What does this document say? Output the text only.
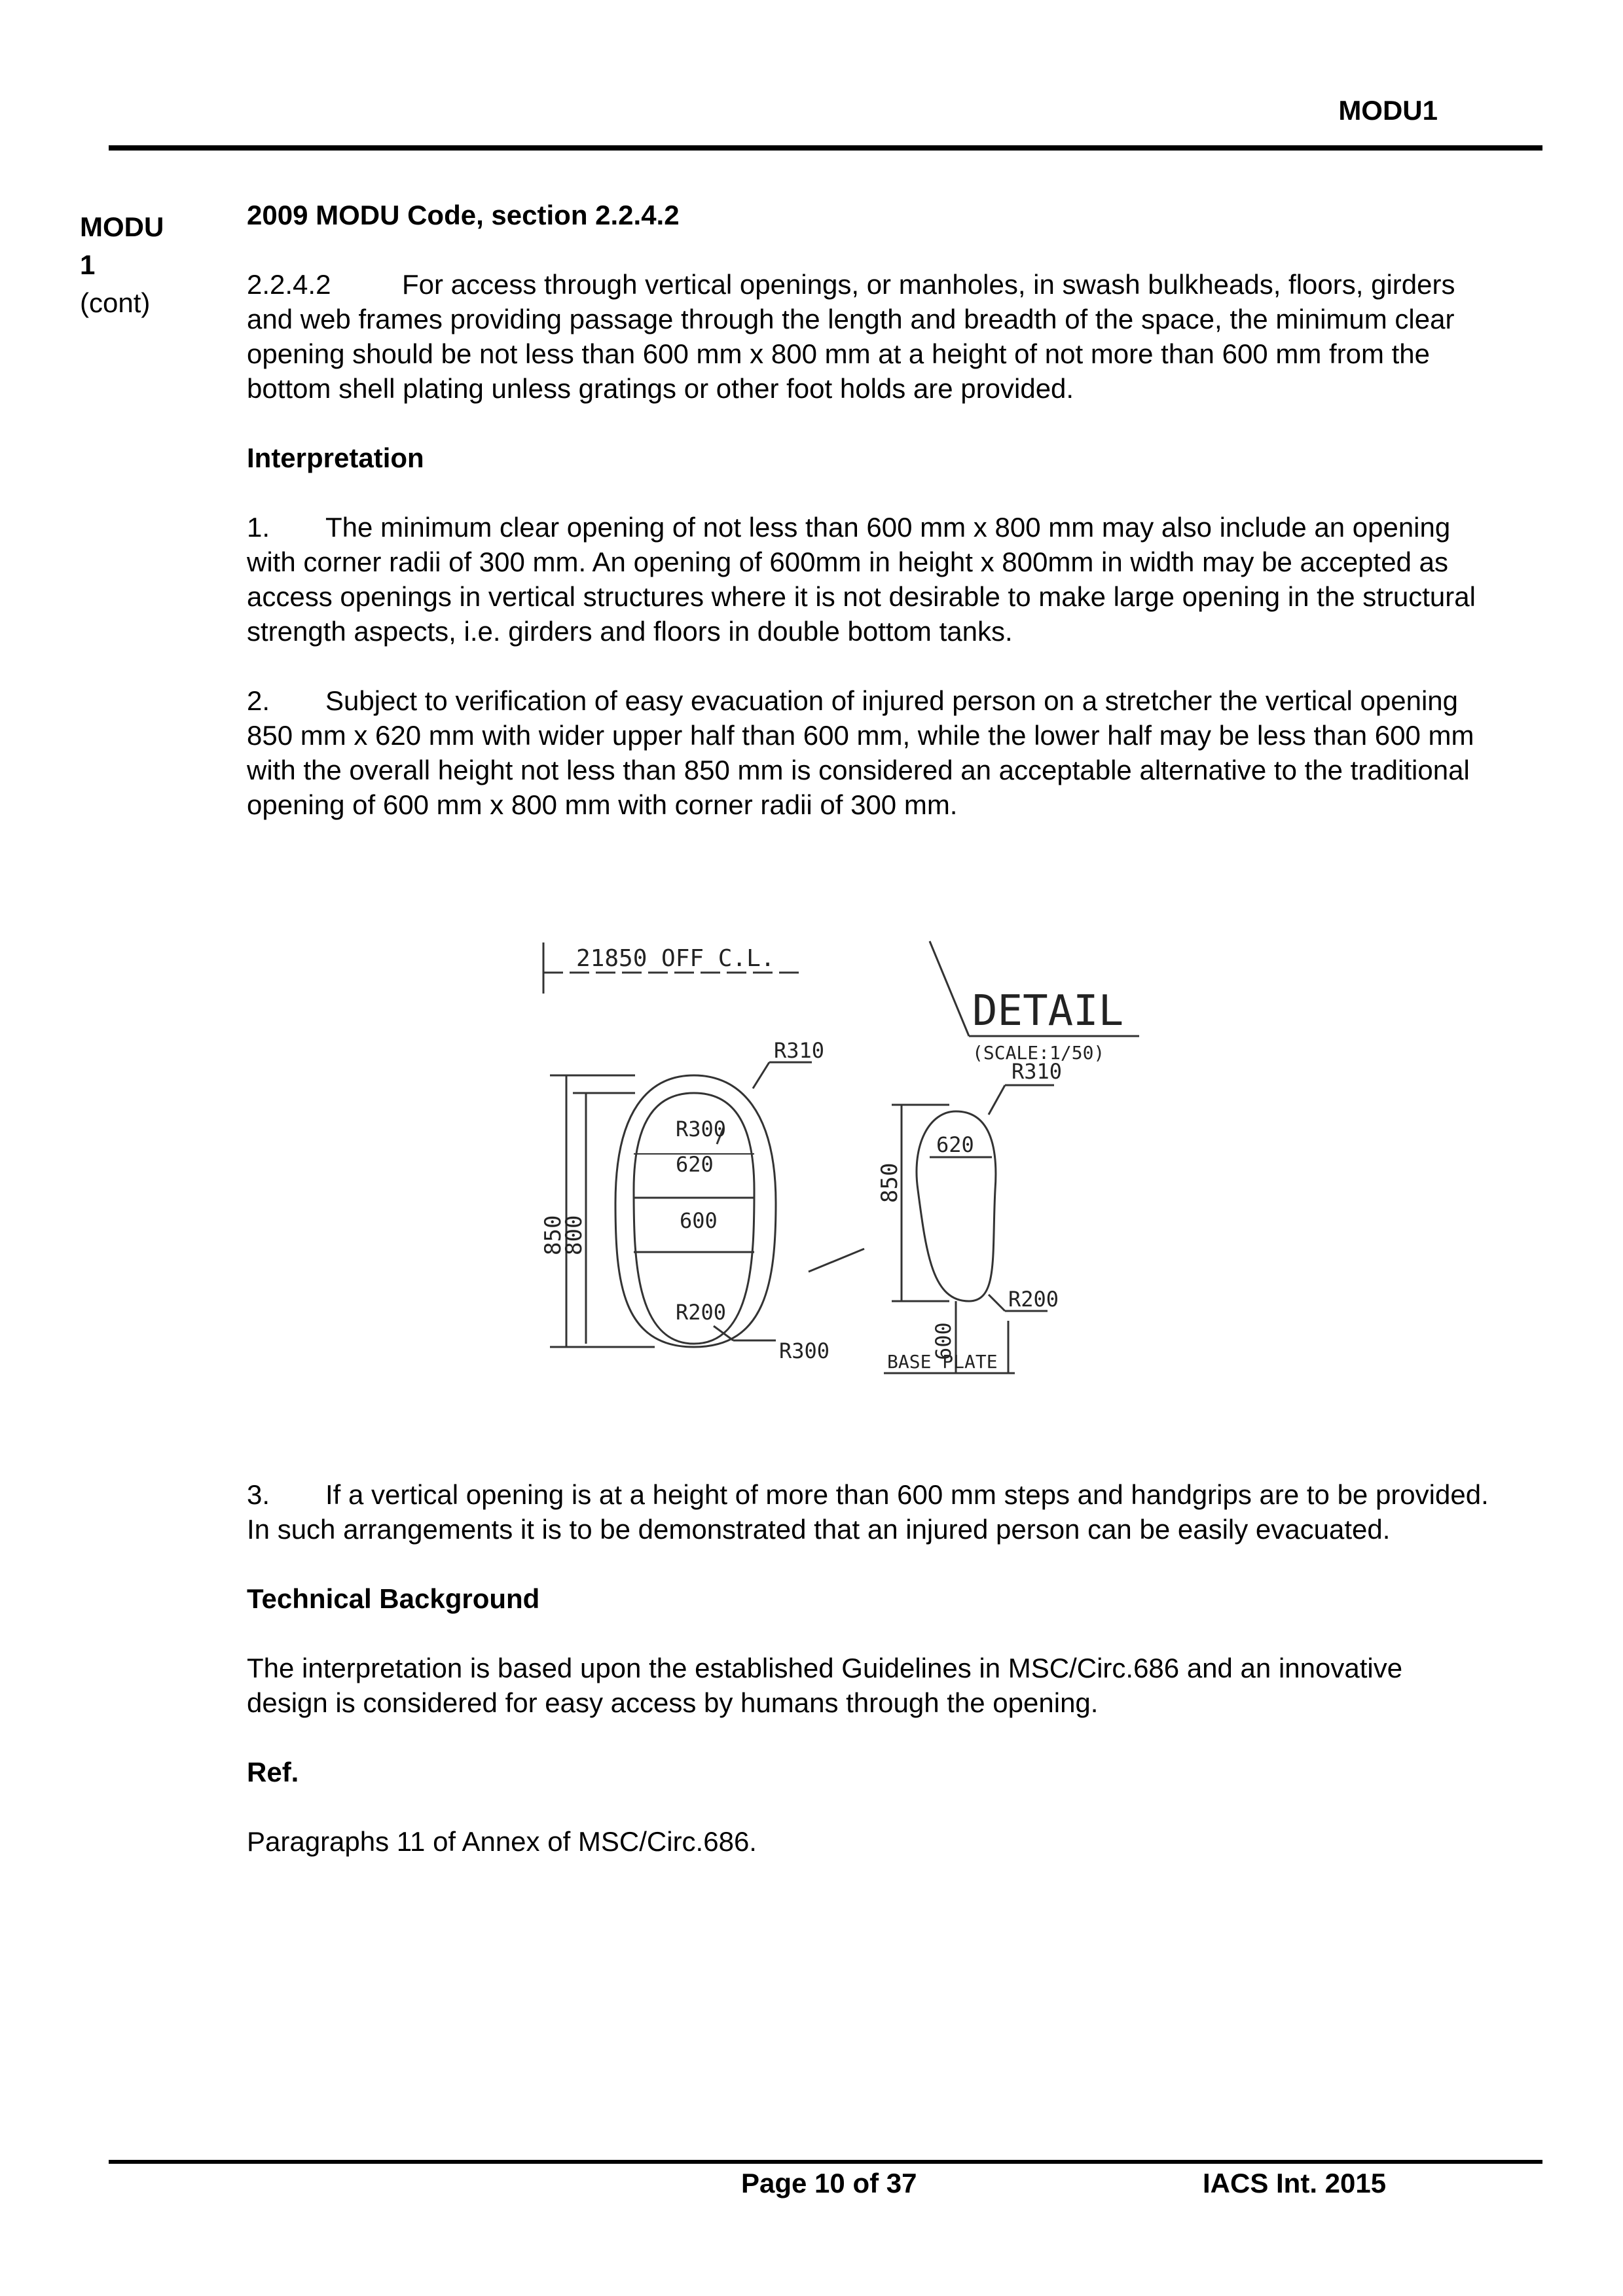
MODU1
MODU
1
(cont)

2009 MODU Code, section 2.2.4.2

2.2.4.2	For access through vertical openings, or manholes, in swash bulkheads, floors, girders and web frames providing passage through the length and breadth of the space, the minimum clear opening should be not less than 600 mm x 800 mm at a height of not more than 600 mm from the bottom shell plating unless gratings or other foot holds are provided.

Interpretation

1. The minimum clear opening of not less than 600 mm x 800 mm may also include an opening with corner radii of 300 mm. An opening of 600mm in height x 800mm in width may be accepted as access openings in vertical structures where it is not desirable to make large opening in the structural strength aspects, i.e. girders and floors in double bottom tanks.

2. Subject to verification of easy evacuation of injured person on a stretcher the vertical opening 850 mm x 620 mm with wider upper half than 600 mm, while the lower half may be less than 600 mm with the overall height not less than 850 mm is considered an acceptable alternative to the traditional opening of 600 mm x 800 mm with corner radii of 300 mm.

21850 OFF C.L.
DETAIL
(SCALE:1/50)
R310
R300
620
600
R200
R300
850
800
850
620
R310
R200
600
BASE PLATE

3. If a vertical opening is at a height of more than 600 mm steps and handgrips are to be provided. In such arrangements it is to be demonstrated that an injured person can be easily evacuated.

Technical Background

The interpretation is based upon the established Guidelines in MSC/Circ.686 and an innovative design is considered for easy access by humans through the opening.

Ref.

Paragraphs 11 of Annex of MSC/Circ.686.

Page 10 of 37	IACS Int. 2015
